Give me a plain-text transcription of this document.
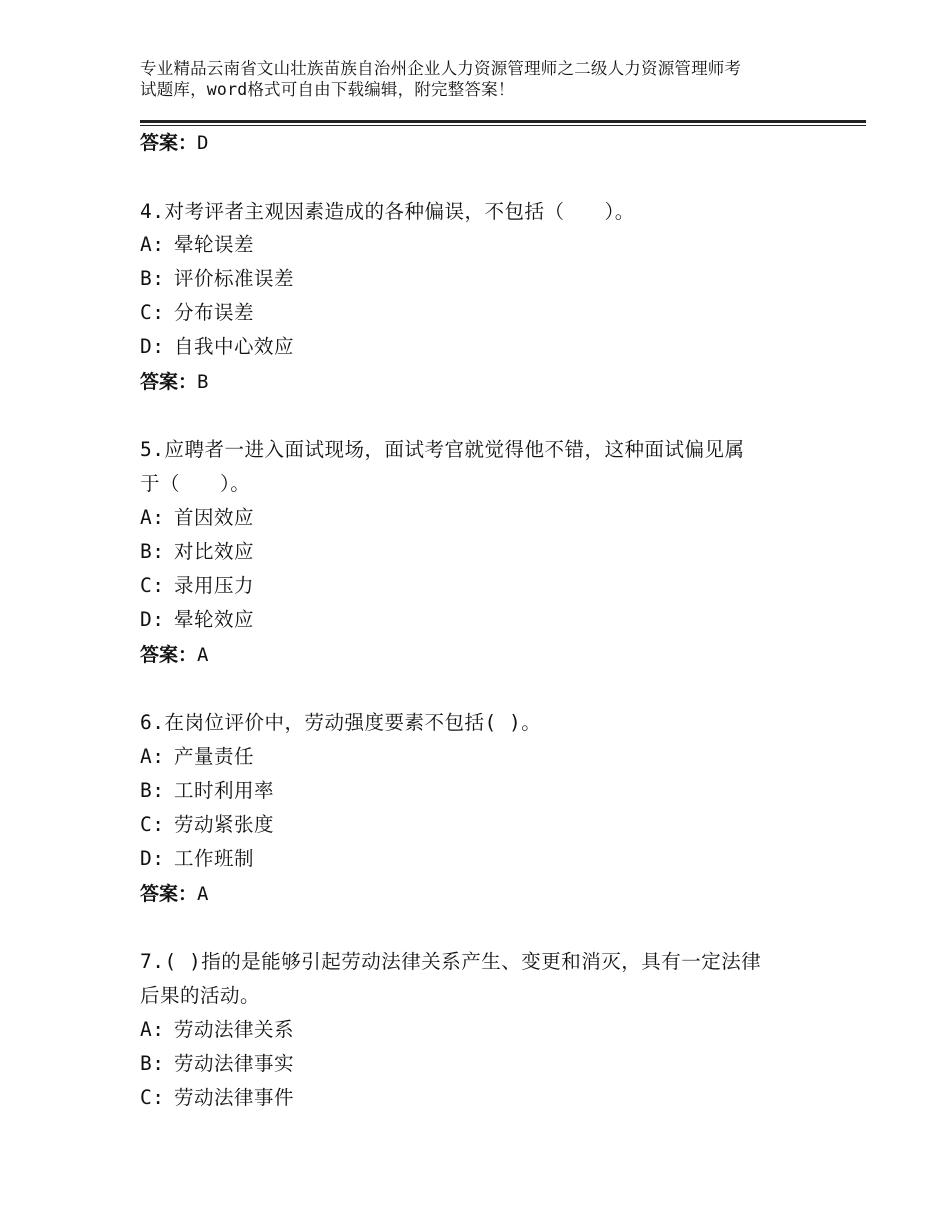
专业精品云南省文山壮族苗族自治州企业人力资源管理师之二级人力资源管理师考
试题库，word格式可自由下载编辑，附完整答案！
答案：D
4.对考评者主观因素造成的各种偏误，不包括（　　）。
A: 晕轮误差
B: 评价标准误差
C: 分布误差
D: 自我中心效应
答案：B
5.应聘者一进入面试现场，面试考官就觉得他不错，这种面试偏见属
于（　　）。
A: 首因效应
B: 对比效应
C: 录用压力
D: 晕轮效应
答案：A
6.在岗位评价中，劳动强度要素不包括( )。
A: 产量责任
B: 工时利用率
C: 劳动紧张度
D: 工作班制
答案：A
7.( )指的是能够引起劳动法律关系产生、变更和消灭，具有一定法律
后果的活动。
A: 劳动法律关系
B: 劳动法律事实
C: 劳动法律事件
